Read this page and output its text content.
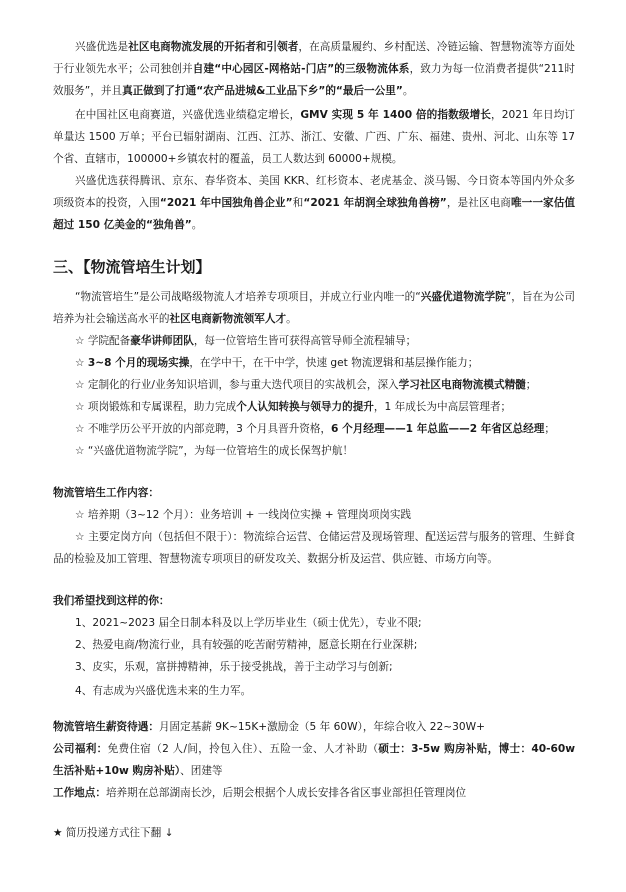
兴盛优选是社区电商物流发展的开拓者和引领者，在高质量履约、乡村配送、冷链运输、智慧物流等方面处于行业领先水平；公司独创并自建“中心园区-网格站-门店”的三级物流体系，致力为每一位消费者提供“211时效服务”，并且真正做到了打通“农产品进城&工业品下乡”的“最后一公里”。

在中国社区电商赛道，兴盛优选业绩稳定增长，GMV 实现 5 年 1400 倍的指数级增长，2021 年日均订单量达 1500 万单；平台已辐射湖南、江西、江苏、浙江、安徽、广西、广东、福建、贵州、河北、山东等 17 个省、直辖市，100000+乡镇农村的覆盖，员工人数达到 60000+规模。

兴盛优选获得腾讯、京东、春华资本、美国 KKR、红杉资本、老虎基金、淡马锡、今日资本等国内外众多项级资本的投资，入围“2021 年中国独角兽企业”和“2021 年胡润全球独角兽榜”，是社区电商唯一一家估值超过 150 亿美金的“独角兽”。

三、【物流管培生计划】

“物流管培生”是公司战略级物流人才培养专项项目，并成立行业内唯一的“兴盛优道物流学院”，旨在为公司培养为社会输送高水平的社区电商新物流领军人才。

☆ 学院配备豪华讲师团队，每一位管培生皆可获得高管导师全流程辅导；
☆ 3~8 个月的现场实操，在学中干，在干中学，快速 get 物流逻辑和基层操作能力；
☆ 定制化的行业/业务知识培训，参与重大迭代项目的实战机会，深入学习社区电商物流模式精髓；
☆ 项岗锻炼和专属课程，助力完成个人认知转换与领导力的提升，1 年成长为中高层管理者；
☆ 不唯学历公平开放的内部竞聘，3 个月具晋升资格，6 个月经理——1 年总监——2 年省区总经理；
☆ “兴盛优道物流学院”，为每一位管培生的成长保驾护航！
物流管培生工作内容：
☆ 培养期（3~12 个月）：业务培训 + 一线岗位实操 + 管理岗项岗实践

☆ 主要定岗方向（包括但不限于）：物流综合运营、仓储运营及现场管理、配送运营与服务的管理、生鲜食品的检验及加工管理、智慧物流专项项目的研发攻关、数据分析及运营、供应链、市场方向等。

我们希望找到这样的你：
1、2021~2023 届全日制本科及以上学历毕业生（硕士优先），专业不限;
2、热爱电商/物流行业，具有较强的吃苦耐劳精神，愿意长期在行业深耕;
3、皮实，乐观，富拼搏精神，乐于接受挑战，善于主动学习与创新;
4、有志成为兴盛优选未来的生力军。
物流管培生薪资待遇：月固定基薪 9K~15K+激励金（5 年 60W），年综合收入 22~30W+

公司福利：免费住宿（2 人/间，拎包入住）、五险一金、人才补助（硕士：3-5w 购房补贴，博士：40-60w 生活补贴+10w 购房补贴）、团建等

工作地点：培养期在总部湖南长沙，后期会根据个人成长安排各省区事业部担任管理岗位
★ 简历投递方式往下翻 ↓
